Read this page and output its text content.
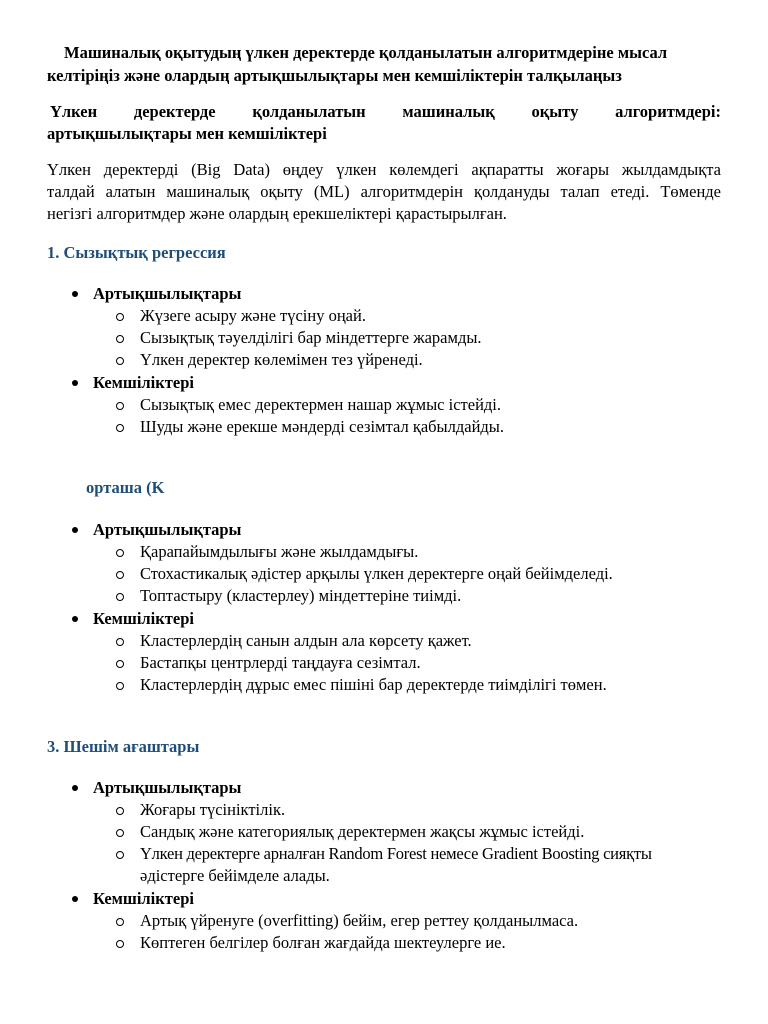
Машиналық оқытудың үлкен деректерде қолданылатын алгоритмдеріне мысал
келтіріңіз және олардың артықшылықтары мен кемшіліктерін талқылаңыз
Үлкен деректерде қолданылатын машиналық оқыту алгоритмдері:
артықшылықтары мен кемшіліктері
Үлкен деректерді (Big Data) өңдеу үлкен көлемдегі ақпаратты жоғары жылдамдықта
талдай алатын машиналық оқыту (ML) алгоритмдерін қолдануды талап етеді. Төменде
негізгі алгоритмдер және олардың ерекшеліктері қарастырылған.
1. Сызықтық регрессия
Артықшылықтары
Жүзеге асыру және түсіну оңай.
Сызықтық тәуелділігі бар міндеттерге жарамды.
Үлкен деректер көлемімен тез үйренеді.
Кемшіліктері
Сызықтық емес деректермен нашар жұмыс істейді.
Шуды және ерекше мәндерді сезімтал қабылдайды.
орташа (K
Артықшылықтары
Қарапайымдылығы және жылдамдығы.
Стохастикалық әдістер арқылы үлкен деректерге оңай бейімделеді.
Топтастыру (кластерлеу) міндеттеріне тиімді.
Кемшіліктері
Кластерлердің санын алдын ала көрсету қажет.
Бастапқы центрлерді таңдауға сезімтал.
Кластерлердің дұрыс емес пішіні бар деректерде тиімділігі төмен.
3. Шешім ағаштары
Артықшылықтары
Жоғары түсініктілік.
Сандық және категориялық деректермен жақсы жұмыс істейді.
Үлкен деректерге арналған Random Forest немесе Gradient Boosting сияқты
әдістерге бейімделе алады.
Кемшіліктері
Артық үйренуге (overfitting) бейім, егер реттеу қолданылмаса.
Көптеген белгілер болған жағдайда шектеулерге ие.
